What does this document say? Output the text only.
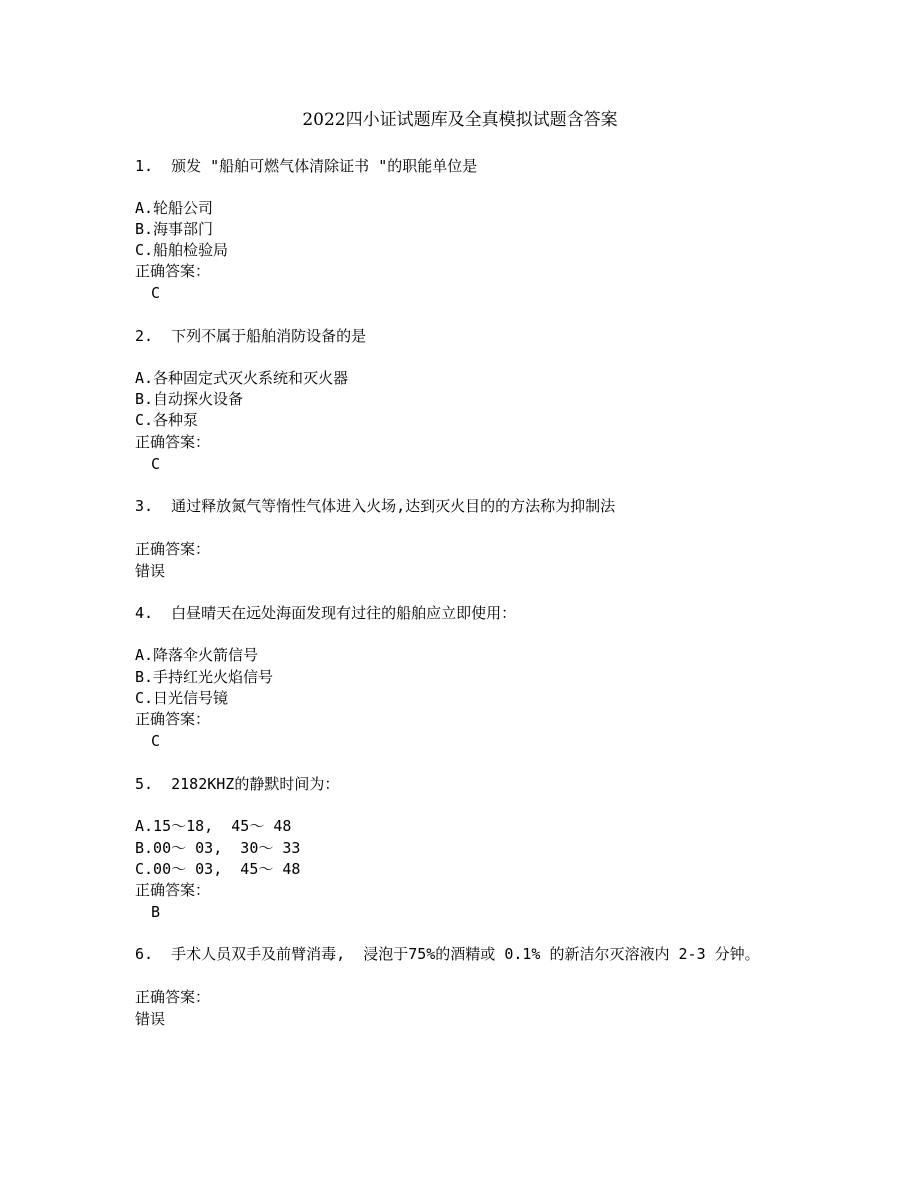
2022四小证试题库及全真模拟试题含答案
1.  颁发 "船舶可燃气体清除证书 "的职能单位是
A.轮船公司
B.海事部门
C.船舶检验局
正确答案：
C
2.  下列不属于船舶消防设备的是
A.各种固定式灭火系统和灭火器
B.自动探火设备
C.各种泵
正确答案：
C
3.  通过释放氮气等惰性气体进入火场,达到灭火目的的方法称为抑制法
正确答案：
错误
4.  白昼晴天在远处海面发现有过往的船舶应立即使用：
A.降落伞火箭信号
B.手持红光火焰信号
C.日光信号镜
正确答案：
C
5.  2182KHZ的静默时间为：
A.15～18,  45～ 48
B.00～ 03,  30～ 33
C.00～ 03,  45～ 48
正确答案：
B
6.  手术人员双手及前臂消毒,  浸泡于75%的酒精或 0.1% 的新洁尔灭溶液内 2-3 分钟。
正确答案：
错误
